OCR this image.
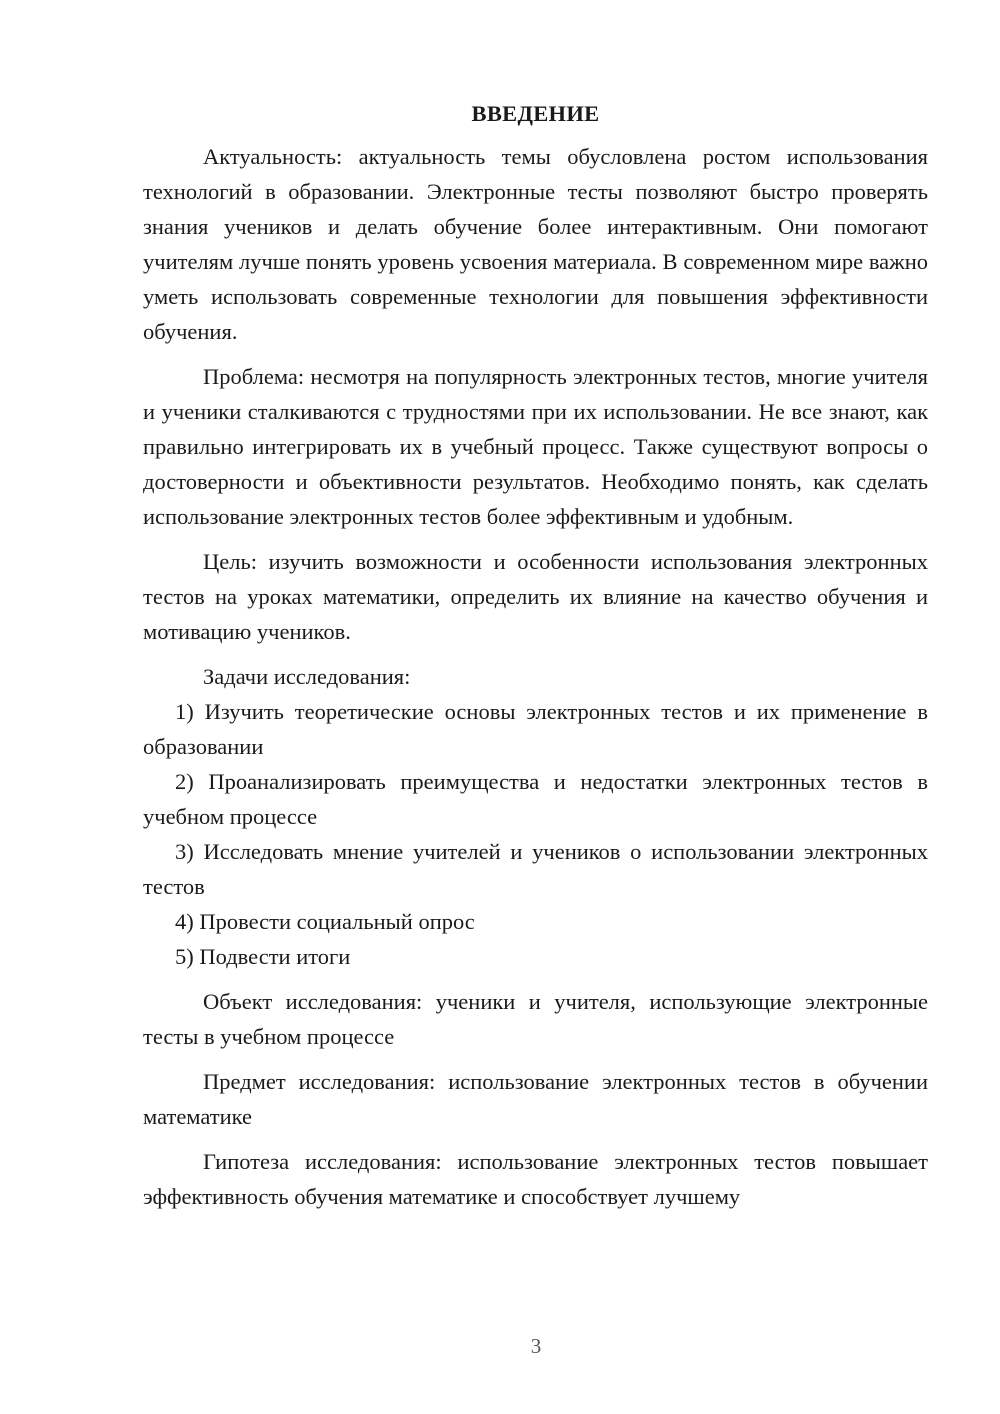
ВВЕДЕНИЕ

Актуальность: актуальность темы обусловлена ростом использования технологий в образовании. Электронные тесты позволяют быстро проверять знания учеников и делать обучение более интерактивным. Они помогают учителям лучше понять уровень усвоения материала. В современном мире важно уметь использовать современные технологии для повышения эффективности обучения.

Проблема: несмотря на популярность электронных тестов, многие учителя и ученики сталкиваются с трудностями при их использовании. Не все знают, как правильно интегрировать их в учебный процесс. Также существуют вопросы о достоверности и объективности результатов. Необходимо понять, как сделать использование электронных тестов более эффективным и удобным.

Цель: изучить возможности и особенности использования электронных тестов на уроках математики, определить их влияние на качество обучения и мотивацию учеников.

Задачи исследования:

1) Изучить теоретические основы электронных тестов и их применение в образовании

2) Проанализировать преимущества и недостатки электронных тестов в учебном процессе

3) Исследовать мнение учителей и учеников о использовании электронных тестов

4) Провести социальный опрос

5) Подвести итоги

Объект исследования: ученики и учителя, использующие электронные тесты в учебном процессе

Предмет исследования: использование электронных тестов в обучении математике

Гипотеза исследования: использование электронных тестов повышает эффективность обучения математике и способствует лучшему

3
